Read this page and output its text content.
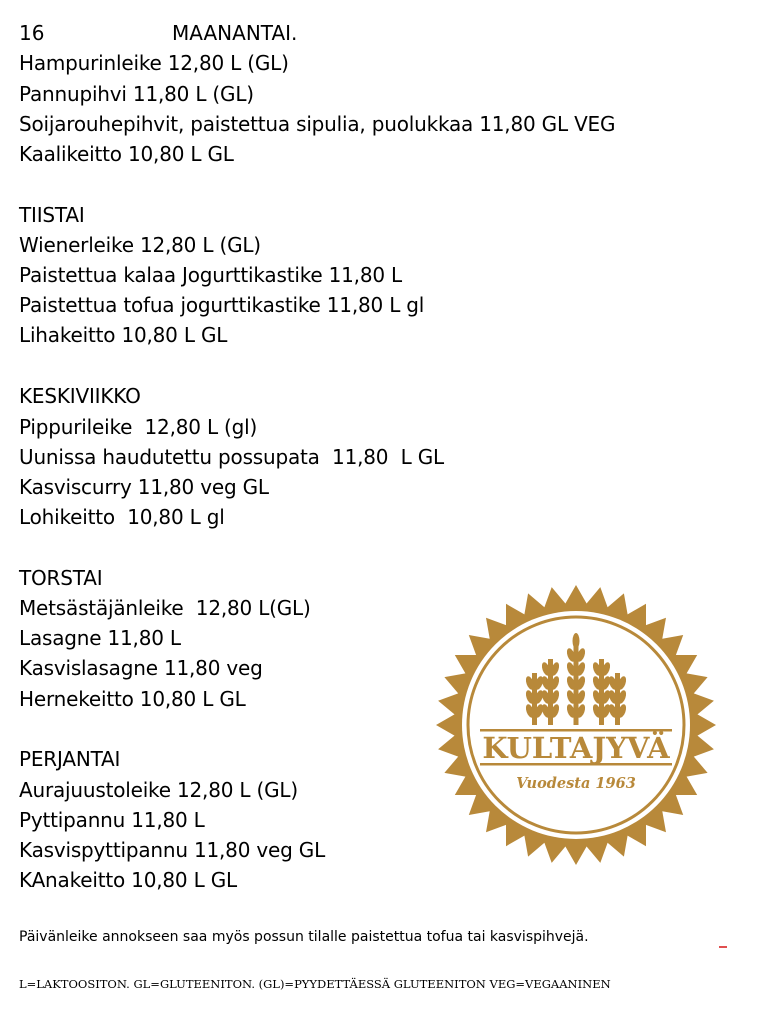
16	MAANANTAI.
Hampurinleike 12,80 L (GL)
Pannupihvi 11,80 L (GL)
Soijarouhepihvit, paistettua sipulia, puolukkaa 11,80 GL VEG
Kaalikeitto 10,80 L GL
TIISTAI
Wienerleike 12,80 L (GL)
Paistettua kalaa Jogurttikastike 11,80 L
Paistettua tofua jogurttikastike 11,80 L gl
Lihakeitto 10,80 L GL
KESKIVIIKKO
Pippurileike  12,80 L (gl)
Uunissa haudutettu possupata  11,80  L GL
Kasviscurry 11,80 veg GL
Lohikeitto  10,80 L gl
TORSTAI
Metsästäjänleike  12,80 L(GL)
Lasagne 11,80 L
Kasvislasagne 11,80 veg
Hernekeitto 10,80 L GL
PERJANTAI
Aurajuustoleike 12,80 L (GL)
Pyttipannu 11,80 L
Kasvispyttipannu 11,80 veg GL
KAnakeitto 10,80 L GL
Päivänleike annokseen saa myös possun tilalle paistettua tofua tai kasvispihvejä.
L=LAKTOOSITON. GL=GLUTEENITON. (GL)=PYYDETTÄESSÄ GLUTEENITON VEG=VEGAANINEN
KULTAJYVÄ
Vuodesta 1963
